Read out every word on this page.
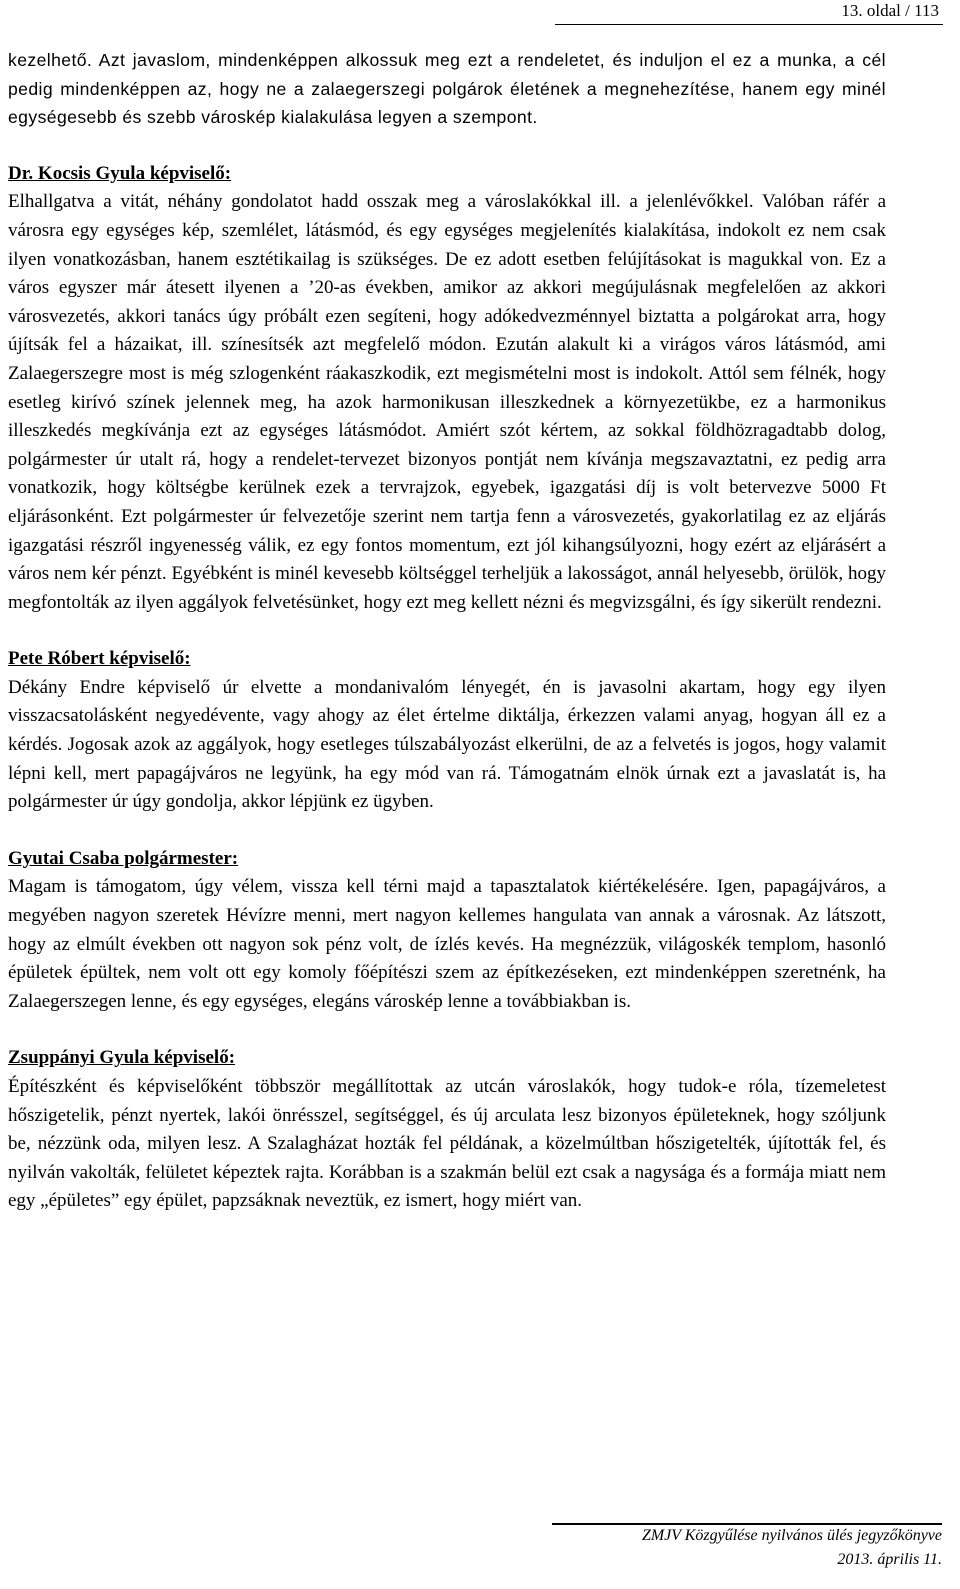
13. oldal / 113

kezelhető. Azt javaslom, mindenképpen alkossuk meg ezt a rendeletet, és induljon el ez a munka, a cél pedig mindenképpen az, hogy ne a zalaegerszegi polgárok életének a megnehezítése, hanem egy minél egységesebb és szebb városkép kialakulása legyen a szempont.

Dr. Kocsis Gyula képviselő:

Elhallgatva a vitát, néhány gondolatot hadd osszak meg a városlakókkal ill. a jelenlévőkkel. Valóban ráfér a városra egy egységes kép, szemlélet, látásmód, és egy egységes megjelenítés kialakítása, indokolt ez nem csak ilyen vonatkozásban, hanem esztétikailag is szükséges. De ez adott esetben felújításokat is magukkal von. Ez a város egyszer már átesett ilyenen a ’20-as években, amikor az akkori megújulásnak megfelelően az akkori városvezetés, akkori tanács úgy próbált ezen segíteni, hogy adókedvezménnyel biztatta a polgárokat arra, hogy újítsák fel a házaikat, ill. színesítsék azt megfelelő módon. Ezután alakult ki a virágos város látásmód, ami Zalaegerszegre most is még szlogenként ráakaszkodik, ezt megismételni most is indokolt. Attól sem félnék, hogy esetleg kirívó színek jelennek meg, ha azok harmonikusan illeszkednek a környezetükbe, ez a harmonikus illeszkedés megkívánja ezt az egységes látásmódot. Amiért szót kértem, az sokkal földhözragadtabb dolog, polgármester úr utalt rá, hogy a rendelet-tervezet bizonyos pontját nem kívánja megszavaztatni, ez pedig arra vonatkozik, hogy költségbe kerülnek ezek a tervrajzok, egyebek, igazgatási díj is volt betervezve 5000 Ft eljárásonként. Ezt polgármester úr felvezetője szerint nem tartja fenn a városvezetés, gyakorlatilag ez az eljárás igazgatási részről ingyenesség válik, ez egy fontos momentum, ezt jól kihangsúlyozni, hogy ezért az eljárásért a város nem kér pénzt. Egyébként is minél kevesebb költséggel terheljük a lakosságot, annál helyesebb, örülök, hogy megfontolták az ilyen aggályok felvetésünket, hogy ezt meg kellett nézni és megvizsgálni, és így sikerült rendezni.

Pete Róbert képviselő:

Dékány Endre képviselő úr elvette a mondanivalóm lényegét, én is javasolni akartam, hogy egy ilyen visszacsatolásként negyedévente, vagy ahogy az élet értelme diktálja, érkezzen valami anyag, hogyan áll ez a kérdés. Jogosak azok az aggályok, hogy esetleges túlszabályozást elkerülni, de az a felvetés is jogos, hogy valamit lépni kell, mert papagájváros ne legyünk, ha egy mód van rá. Támogatnám elnök úrnak ezt a javaslatát is, ha polgármester úr úgy gondolja, akkor lépjünk ez ügyben.

Gyutai Csaba polgármester:

Magam is támogatom, úgy vélem, vissza kell térni majd a tapasztalatok kiértékelésére. Igen, papagájváros, a megyében nagyon szeretek Hévízre menni, mert nagyon kellemes hangulata van annak a városnak. Az látszott, hogy az elmúlt években ott nagyon sok pénz volt, de ízlés kevés. Ha megnézzük, világoskék templom, hasonló épületek épültek, nem volt ott egy komoly főépítészi szem az építkezéseken, ezt mindenképpen szeretnénk, ha Zalaegerszegen lenne, és egy egységes, elegáns városkép lenne a továbbiakban is.

Zsuppányi Gyula képviselő:

Építészként és képviselőként többször megállítottak az utcán városlakók, hogy tudok-e róla, tízemeletest hőszigetelik, pénzt nyertek, lakói önrésszel, segítséggel, és új arculata lesz bizonyos épületeknek, hogy szóljunk be, nézzünk oda, milyen lesz. A Szalagházat hozták fel példának, a közelmúltban hőszigetelték, újították fel, és nyilván vakolták, felületet képeztek rajta. Korábban is a szakmán belül ezt csak a nagysága és a formája miatt nem egy „épületes” egy épület, papzsáknak neveztük, ez ismert, hogy miért van.

ZMJV Közgyűlése nyilvános ülés jegyzőkönyve
2013. április 11.
